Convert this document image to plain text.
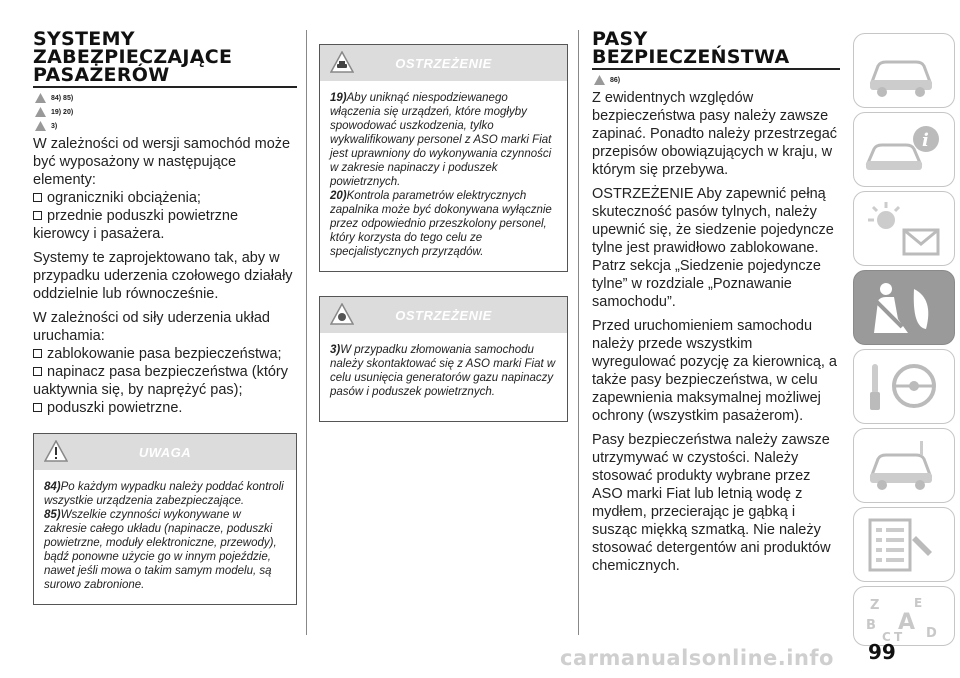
SYSTEMY ZABEZPIECZAJĄCE PASAŻERÓW
84) 85)
19) 20)
3)
W zależności od wersji samochód może być wyposażony w następujące elementy:
ograniczniki obciążenia;
przednie poduszki powietrzne
kierowcy i pasażera.
Systemy te zaprojektowano tak, aby w przypadku uderzenia czołowego działały oddzielnie lub równocześnie.
W zależności od siły uderzenia układ uruchamia:
zablokowanie pasa bezpieczeństwa;
napinacz pasa bezpieczeństwa (który
uaktywnia się, by naprężyć pas);
poduszki powietrzne.
UWAGA
84)Po każdym wypadku należy poddać kontroli wszystkie urządzenia zabezpieczające.
85)Wszelkie czynności wykonywane w zakresie całego układu (napinacze, poduszki powietrzne, moduły elektroniczne, przewody), bądź ponowne użycie go w innym pojeździe, nawet jeśli mowa o takim samym modelu, są surowo zabronione.
OSTRZEŻENIE
19)Aby uniknąć niespodziewanego włączenia się urządzeń, które mogłyby spowodować uszkodzenia, tylko wykwalifikowany personel z ASO marki Fiat jest uprawniony do wykonywania czynności w zakresie napinaczy i poduszek powietrznych.
20)Kontrola parametrów elektrycznych zapalnika może być dokonywana wyłącznie przez odpowiednio przeszkolony personel, który korzysta do tego celu ze specjalistycznych przyrządów.
OSTRZEŻENIE
3)W przypadku złomowania samochodu należy skontaktować się z ASO marki Fiat w celu usunięcia generatorów gazu napinaczy pasów i poduszek powietrznych.
PASY BEZPIECZEŃSTWA
86)
Z ewidentnych względów bezpieczeństwa pasy należy zawsze zapinać. Ponadto należy przestrzegać przepisów obowiązujących w kraju, w którym się przebywa.
OSTRZEŻENIE Aby zapewnić pełną skuteczność pasów tylnych, należy upewnić się, że siedzenie pojedyncze tylne jest prawidłowo zablokowane. Patrz sekcja „Siedzenie pojedyncze tylne” w rozdziale „Poznawanie samochodu”.
Przed uruchomieniem samochodu należy przede wszystkim wyregulować pozycję za kierownicą, a także pasy bezpieczeństwa, w celu zapewnienia maksymalnej możliwej ochrony (wszystkim pasażerom).
Pasy bezpieczeństwa należy zawsze utrzymywać w czystości. Należy stosować produkty wybrane przez ASO marki Fiat lub letnią wodę z mydłem, przecierając je gąbką i susząc miękką szmatką. Nie należy stosować detergentów ani produktów chemicznych.
i
Z	E
B A
C T D
carmanualsonline.info 99
